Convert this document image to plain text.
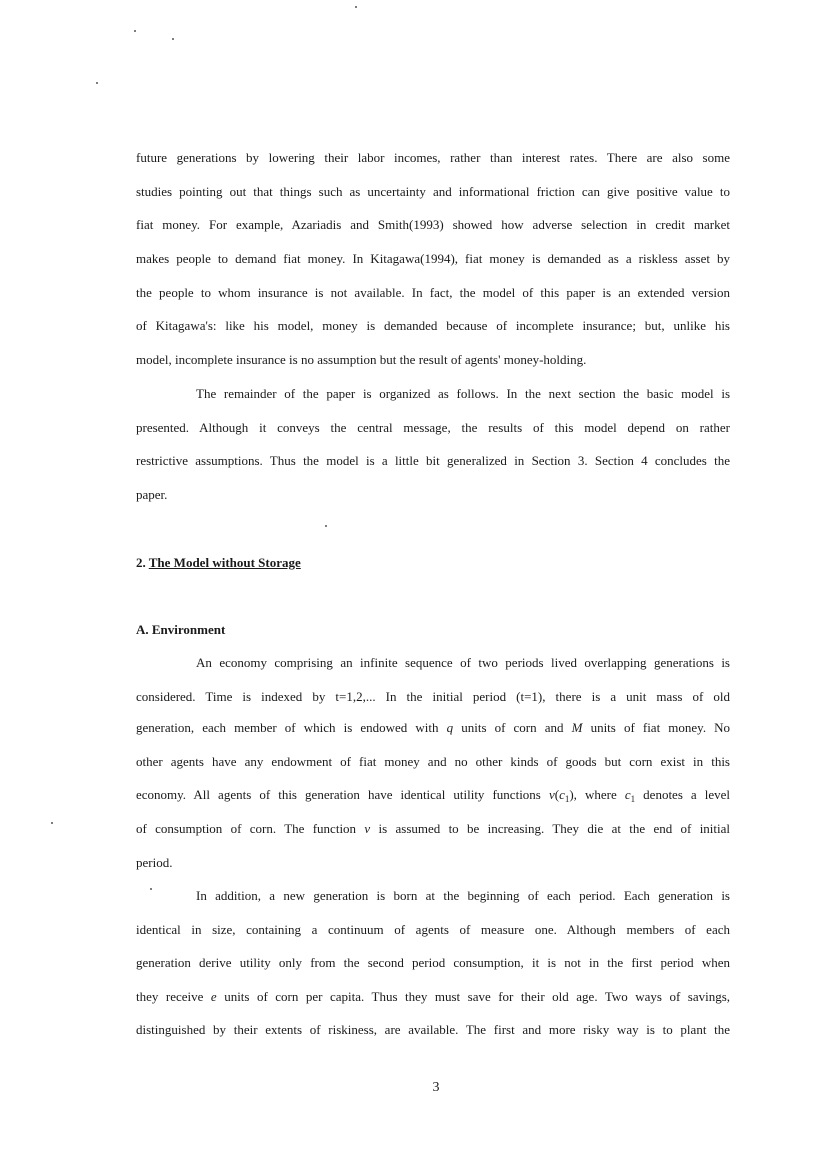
future generations by lowering their labor incomes, rather than interest rates. There are also some
studies pointing out that things such as uncertainty and informational friction can give positive value to
fiat money. For example, Azariadis and Smith(1993) showed how adverse selection in credit market
makes people to demand fiat money. In Kitagawa(1994), fiat money is demanded as a riskless asset by
the people to whom insurance is not available. In fact, the model of this paper is an extended version
of Kitagawa's: like his model, money is demanded because of incomplete insurance; but, unlike his
model, incomplete insurance is no assumption but the result of agents' money-holding.
The remainder of the paper is organized as follows. In the next section the basic model is
presented. Although it conveys the central message, the results of this model depend on rather
restrictive assumptions. Thus the model is a little bit generalized in Section 3. Section 4 concludes the
paper.
2. The Model without Storage
A. Environment
An economy comprising an infinite sequence of two periods lived overlapping generations is
considered. Time is indexed by t=1,2,... In the initial period (t=1), there is a unit mass of old
generation, each member of which is endowed with q units of corn and M units of fiat money. No
other agents have any endowment of fiat money and no other kinds of goods but corn exist in this
economy. All agents of this generation have identical utility functions $v(c_1)$, where $c_1$ denotes a level
of consumption of corn. The function v is assumed to be increasing. They die at the end of initial
period.
In addition, a new generation is born at the beginning of each period. Each generation is
identical in size, containing a continuum of agents of measure one. Although members of each
generation derive utility only from the second period consumption, it is not in the first period when
they receive e units of corn per capita. Thus they must save for their old age. Two ways of savings,
distinguished by their extents of riskiness, are available. The first and more risky way is to plant the
3
